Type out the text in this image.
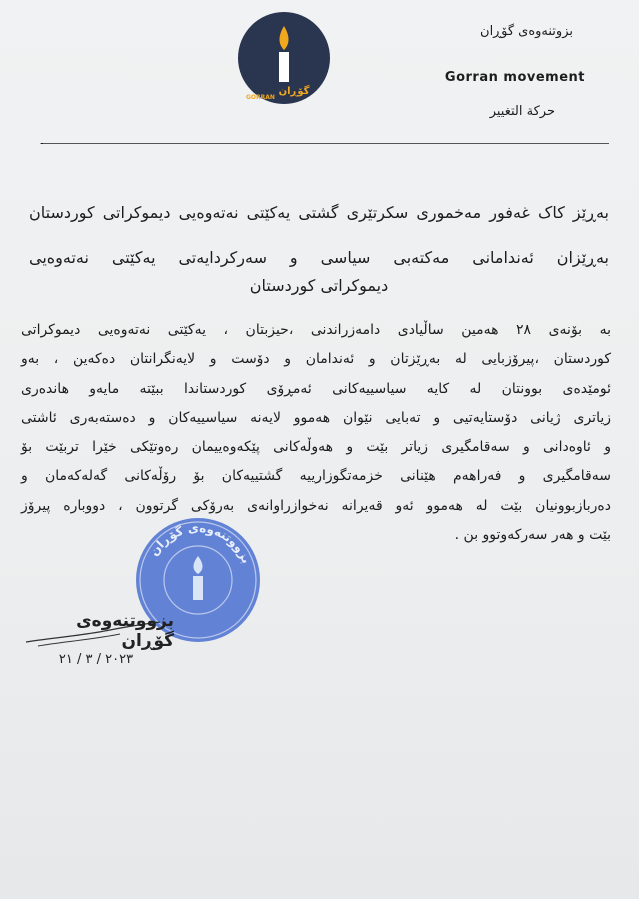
گۆڕان
GORRAN
بزوتنەوەی گۆڕان
Gorran movement
حركة التغيير
-
بەڕێز کاک غەفور مەخموری سکرتێری گشتی یەکێتی نەتەوەیی دیموکراتی کوردستان
بەڕێزان ئەندامانی مەکتەبی سیاسی و سەرکردایەتی یەکێتی نەتەوەیی
دیموکراتی کوردستان
بە بۆنەی ٢٨ هەمین ساڵیادی دامەزراندنی ،حیزبتان ، یەکێتی نەتەوەیی دیموکراتی
کوردستان ،پیرۆزبایی لە بەڕێزتان و ئەندامان و دۆست و لایەنگرانتان دەکەین ، بەو
ئومێدەی بوونتان لە کایە سیاسییەکانی ئەمڕۆی کوردستاندا ببێتە مایەو هاندەری
زیاتری ژیانی دۆستایەتیی و تەبایی نێوان هەموو لایەنە سیاسییەکان و دەستەبەری ئاشتی
و ئاوەدانی و سەقامگیری زیاتر بێت و هەوڵەکانی پێکەوەییمان رەوتێکی خێرا تربێت بۆ
سەقامگیری و فەراهەم هێنانی خزمەتگوزارییە گشتییەکان بۆ رۆڵەکانی گەلەکەمان و
دەربازبوونیان بێت لە هەموو ئەو قەیرانە نەخوازراوانەی بەرۆکی گرتوون ، دووبارە پیرۆز
بێت و هەر سەرکەوتوو بن .
بزووتنەوەی گۆڕان
بزووتنەوەی گۆڕان
٢٠٢٣ / ٣ / ٢١
